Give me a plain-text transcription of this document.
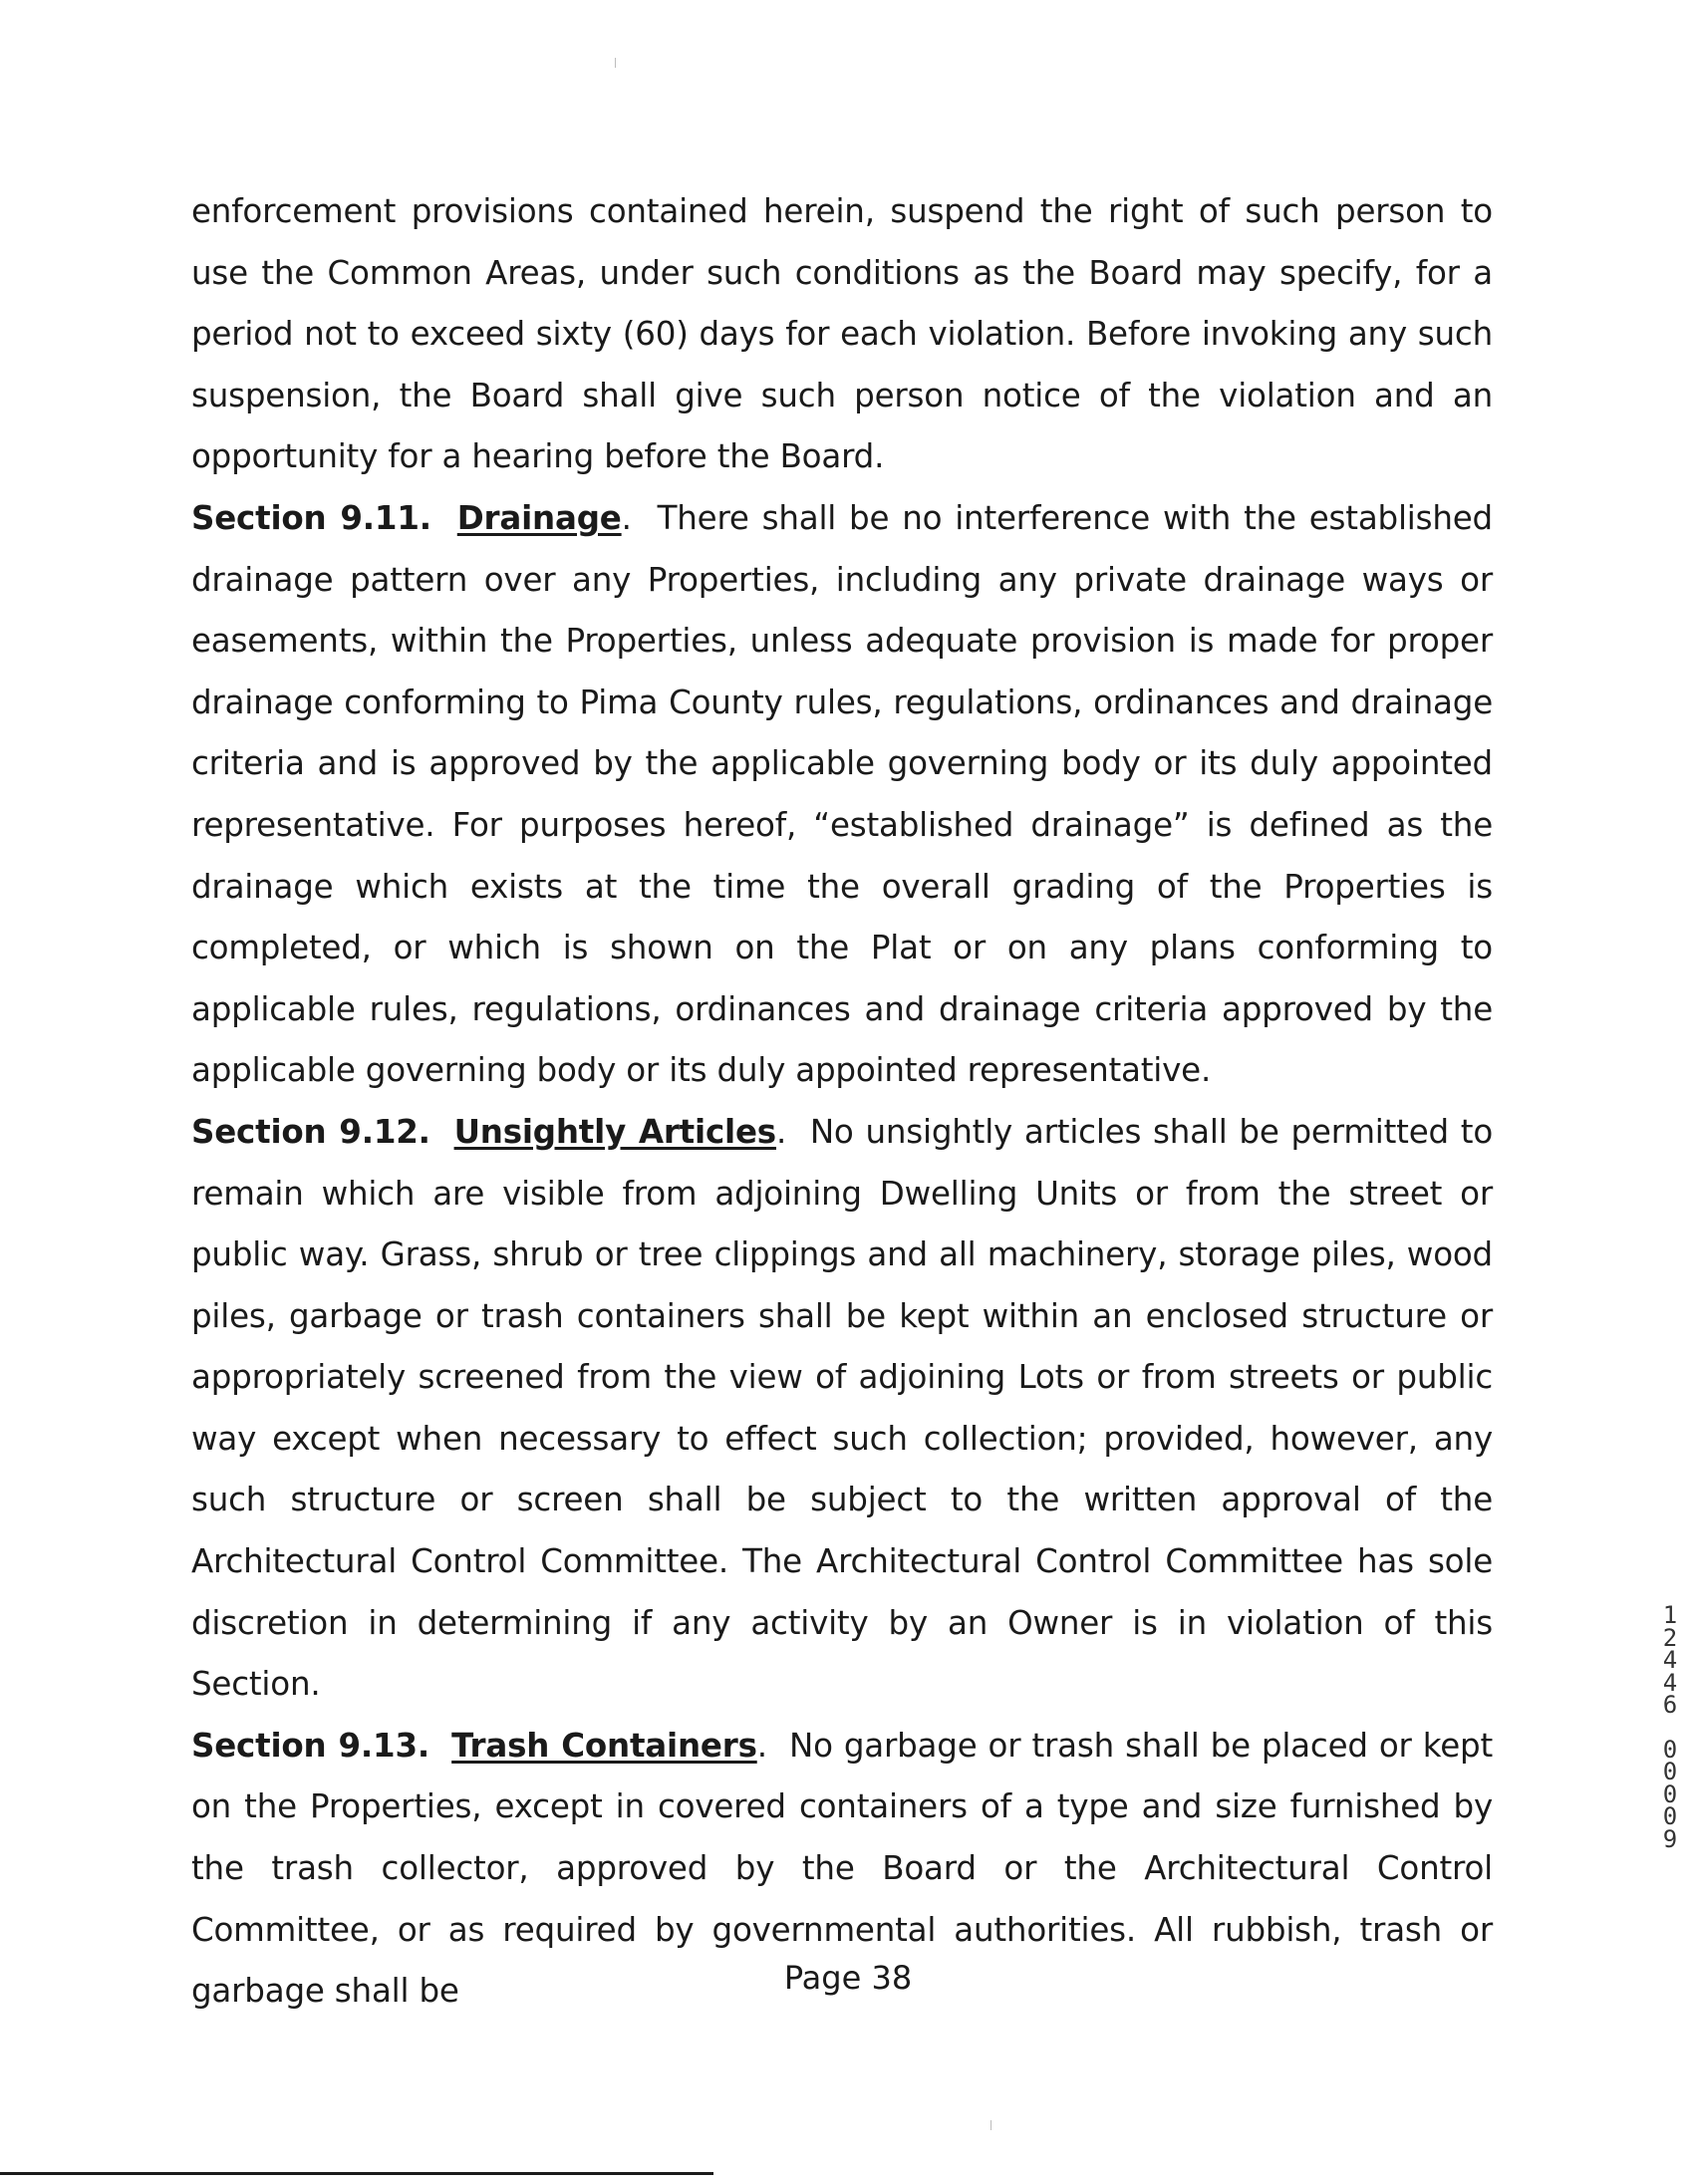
enforcement provisions contained herein, suspend the right of such person to use the Common Areas, under such conditions as the Board may specify, for a period not to exceed sixty (60) days for each violation. Before invoking any such suspension, the Board shall give such person notice of the violation and an opportunity for a hearing before the Board.

Section 9.11. Drainage.  There shall be no interference with the established drainage pattern over any Properties, including any private drainage ways or easements, within the Properties, unless adequate provision is made for proper drainage conforming to Pima County rules, regulations, ordinances and drainage criteria and is approved by the applicable governing body or its duly appointed representative. For purposes hereof, “established drainage” is defined as the drainage which exists at the time the overall grading of the Properties is completed, or which is shown on the Plat or on any plans conforming to applicable rules, regulations, ordinances and drainage criteria approved by the applicable governing body or its duly appointed representative.

Section 9.12. Unsightly Articles.  No unsightly articles shall be permitted to remain which are visible from adjoining Dwelling Units or from the street or public way. Grass, shrub or tree clippings and all machinery, storage piles, wood piles, garbage or trash containers shall be kept within an enclosed structure or appropriately screened from the view of adjoining Lots or from streets or public way except when necessary to effect such collection; provided, however, any such structure or screen shall be subject to the written approval of the Architectural Control Committee. The Architectural Control Committee has sole discretion in determining if any activity by an Owner is in violation of this Section.

Section 9.13. Trash Containers.  No garbage or trash shall be placed or kept on the Properties, except in covered containers of a type and size furnished by the trash collector, approved by the Board or the Architectural Control Committee, or as required by governmental authorities. All rubbish, trash or garbage shall be

12446
00009
Page 38
